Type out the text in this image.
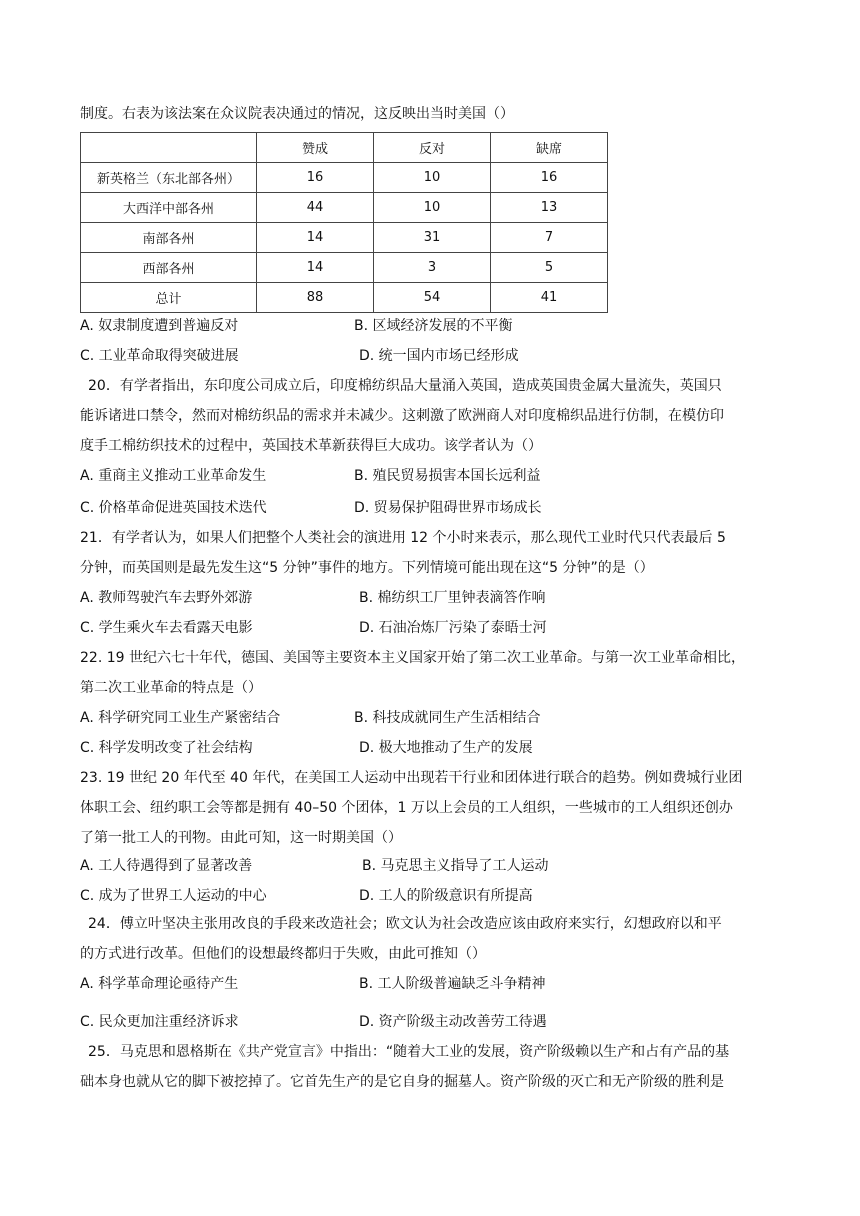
制度。右表为该法案在众议院表决通过的情况，这反映出当时美国（）
	赞成	反对	缺席
新英格兰（东北部各州）	16	10	16
大西洋中部各州	44	10	13
南部各州	14	31	7
西部各州	14	3	5
总计	88	54	41
A. 奴隶制度遭到普遍反对	B. 区域经济发展的不平衡
C. 工业革命取得突破进展	D. 统一国内市场已经形成
20．有学者指出，东印度公司成立后，印度棉纺织品大量涌入英国，造成英国贵金属大量流失，英国只
能诉诸进口禁令，然而对棉纺织品的需求并未减少。这刺激了欧洲商人对印度棉织品进行仿制，在模仿印
度手工棉纺织技术的过程中，英国技术革新获得巨大成功。该学者认为（）
A. 重商主义推动工业革命发生	B. 殖民贸易损害本国长远利益
C. 价格革命促进英国技术迭代	D. 贸易保护阻碍世界市场成长
21．有学者认为，如果人们把整个人类社会的演进用 12 个小时来表示，那么现代工业时代只代表最后 5
分钟，而英国则是最先发生这“5 分钟”事件的地方。下列情境可能出现在这“5 分钟”的是（）
A. 教师驾驶汽车去野外郊游	B. 棉纺织工厂里钟表滴答作响
C. 学生乘火车去看露天电影	D. 石油冶炼厂污染了泰晤士河
22. 19 世纪六七十年代，德国、美国等主要资本主义国家开始了第二次工业革命。与第一次工业革命相比，
第二次工业革命的特点是（）
A. 科学研究同工业生产紧密结合	B. 科技成就同生产生活相结合
C. 科学发明改变了社会结构	D. 极大地推动了生产的发展
23. 19 世纪 20 年代至 40 年代，在美国工人运动中出现若干行业和团体进行联合的趋势。例如费城行业团
体职工会、纽约职工会等都是拥有 40–50 个团体，1 万以上会员的工人组织，一些城市的工人组织还创办
了第一批工人的刊物。由此可知，这一时期美国（）
A. 工人待遇得到了显著改善	B. 马克思主义指导了工人运动
C. 成为了世界工人运动的中心	D. 工人的阶级意识有所提高
24．傅立叶坚决主张用改良的手段来改造社会；欧文认为社会改造应该由政府来实行，幻想政府以和平
的方式进行改革。但他们的设想最终都归于失败，由此可推知（）
A. 科学革命理论亟待产生	B. 工人阶级普遍缺乏斗争精神
C. 民众更加注重经济诉求	D. 资产阶级主动改善劳工待遇
25．马克思和恩格斯在《共产党宣言》中指出：“随着大工业的发展，资产阶级赖以生产和占有产品的基
础本身也就从它的脚下被挖掉了。它首先生产的是它自身的掘墓人。资产阶级的灭亡和无产阶级的胜利是
